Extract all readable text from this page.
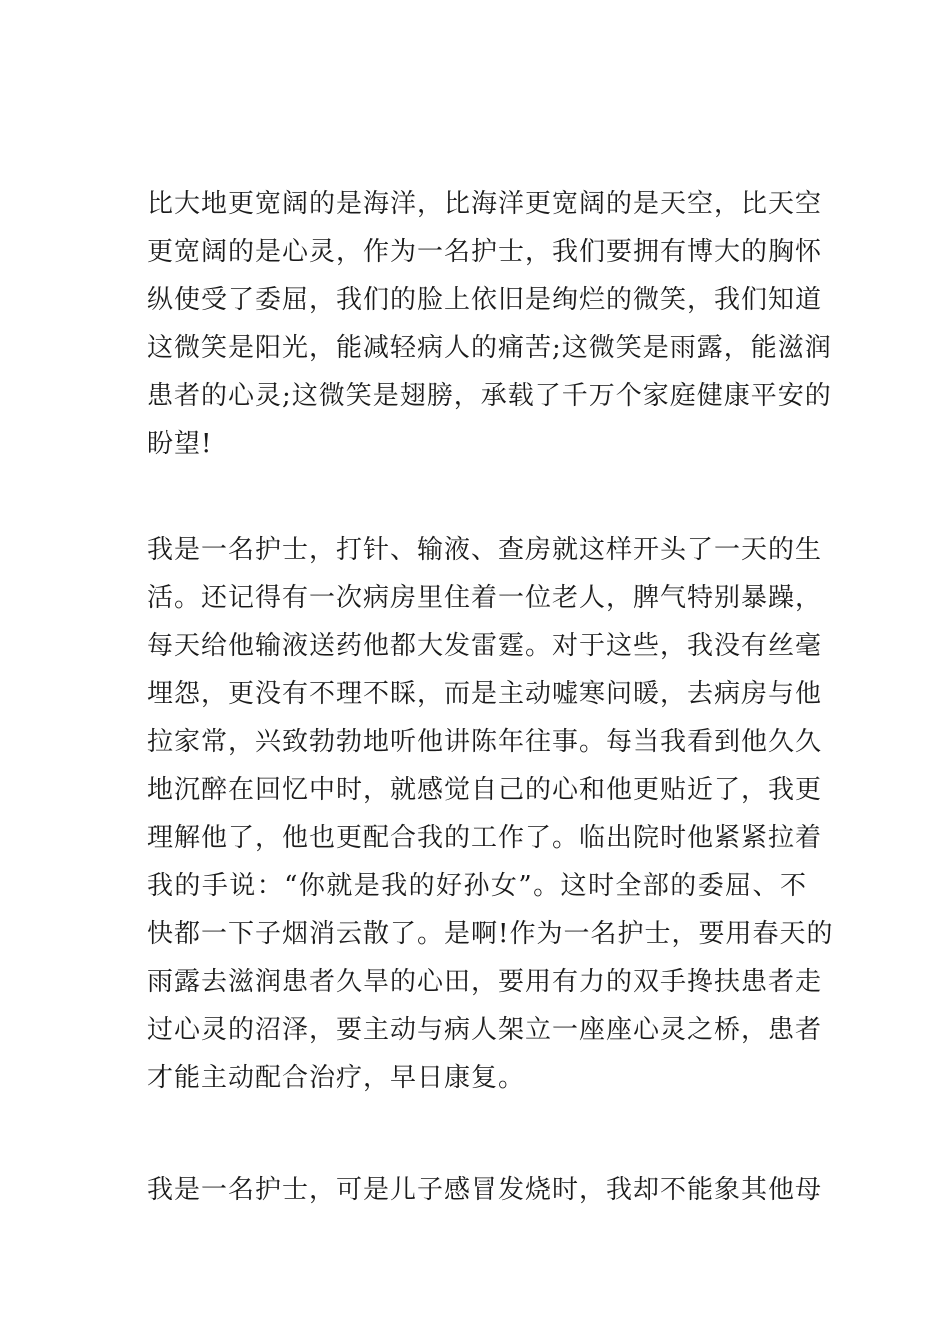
比大地更宽阔的是海洋，比海洋更宽阔的是天空，比天空
更宽阔的是心灵，作为一名护士，我们要拥有博大的胸怀
纵使受了委屈，我们的脸上依旧是绚烂的微笑，我们知道
这微笑是阳光，能减轻病人的痛苦;这微笑是雨露，能滋润
患者的心灵;这微笑是翅膀，承载了千万个家庭健康平安的
盼望!
我是一名护士，打针、输液、查房就这样开头了一天的生
活。还记得有一次病房里住着一位老人，脾气特别暴躁，
每天给他输液送药他都大发雷霆。对于这些，我没有丝毫
埋怨，更没有不理不睬，而是主动嘘寒问暖，去病房与他
拉家常，兴致勃勃地听他讲陈年往事。每当我看到他久久
地沉醉在回忆中时，就感觉自己的心和他更贴近了，我更
理解他了，他也更配合我的工作了。临出院时他紧紧拉着
我的手说：“你就是我的好孙女”。这时全部的委屈、不
快都一下子烟消云散了。是啊!作为一名护士，要用春天的
雨露去滋润患者久旱的心田，要用有力的双手搀扶患者走
过心灵的沼泽，要主动与病人架立一座座心灵之桥，患者
才能主动配合治疗，早日康复。
我是一名护士，可是儿子感冒发烧时，我却不能象其他母
